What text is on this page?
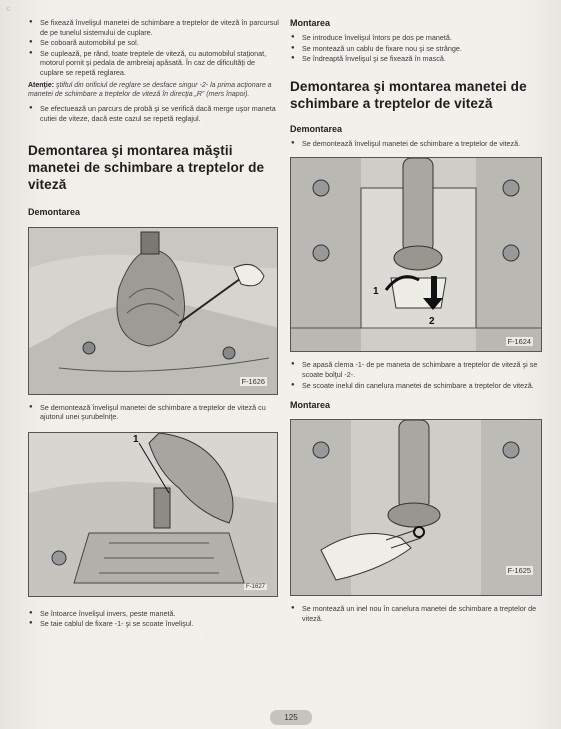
c
● Se fixează învelişul manetei de schimbare a treptelor de viteză în parcursul de pe tunelul sistemului de cuplare.
● Se coboară automobilul pe sol.
● Se cuplează, pe rând, toate treptele de viteză, cu automobilul staţionat, motorul pornit şi pedala de ambreiaj apăsată. În caz de dificultăţi de cuplare se repetă reglarea.

Atenţie: ştiftul din orificiul de reglare se desface singur -2- la prima acţionare a manetei de schimbare a treptelor de viteză în direcţia „R” (mers înapoi).

● Se efectuează un parcurs de probă şi se verifică dacă merge uşor maneta cutiei de viteze, dacă este cazul se repetă reglajul.
Demontarea şi montarea măştii manetei de schimbare a treptelor de viteză
Demontarea
F-1626
● Se demontează învelişul manetei de schimbare a treptelor de viteză cu ajutorul unei şurubelniţe.
1
F-1627
● Se întoarce învelişul invers, peste manetă.
● Se taie cablul de fixare -1- şi se scoate învelişul.
Montarea
● Se introduce învelişul întors pe dos pe manetă.
● Se montează un cablu de fixare nou şi se strânge.
● Se îndreaptă învelişul şi se fixează în mască.
Demontarea şi montarea manetei de schimbare a treptelor de viteză
Demontarea
● Se demontează învelişul manetei de schimbare a treptelor de viteză.
1
2
F-1624
● Se apasă clema -1- de pe maneta de schimbare a treptelor de viteză şi se scoate bolţul -2-.
● Se scoate inelul din canelura manetei de schimbare a treptelor de viteză.
Montarea
F-1625
● Se montează un inel nou în canelura manetei de schimbare a treptelor de viteză.
125
